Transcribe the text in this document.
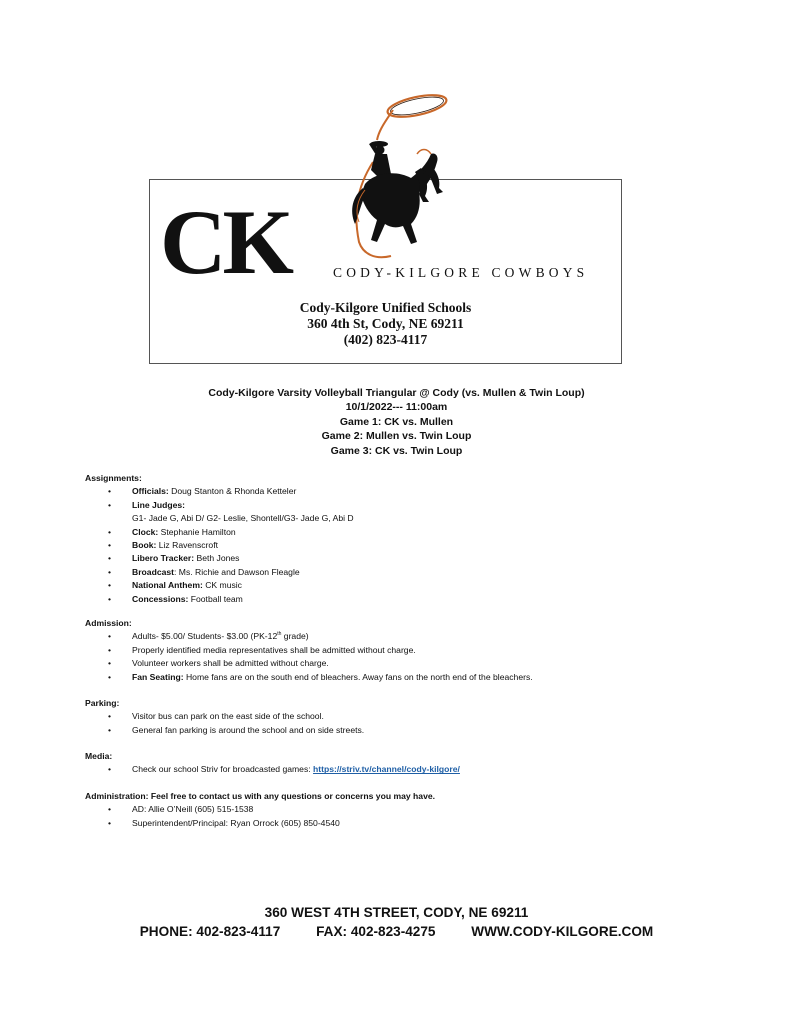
CK	CODY-KILGORE COWBOYS
Cody-Kilgore Unified Schools
360 4th St, Cody, NE 69211
(402) 823-4117
Cody-Kilgore Varsity Volleyball Triangular @ Cody (vs. Mullen & Twin Loup)
10/1/2022--- 11:00am
Game 1: CK vs. Mullen
Game 2: Mullen vs. Twin Loup
Game 3: CK vs. Twin Loup
Assignments:
• Officials: Doug Stanton & Rhonda Ketteler
• Line Judges:
G1- Jade G, Abi D/ G2- Leslie, Shontell/G3- Jade G, Abi D
• Clock: Stephanie Hamilton
• Book: Liz Ravenscroft
• Libero Tracker: Beth Jones
• Broadcast: Ms. Richie and Dawson Fleagle
• National Anthem: CK music
• Concessions: Football team
Admission:
• Adults- $5.00/ Students- $3.00 (PK-12th grade)
• Properly identified media representatives shall be admitted without charge.
• Volunteer workers shall be admitted without charge.
• Fan Seating: Home fans are on the south end of bleachers. Away fans on the north end of the bleachers.
Parking:
• Visitor bus can park on the east side of the school.
• General fan parking is around the school and on side streets.
Media:
• Check our school Striv for broadcasted games: https://striv.tv/channel/cody-kilgore/
Administration: Feel free to contact us with any questions or concerns you may have.
• AD: Allie O’Neill (605) 515-1538
• Superintendent/Principal: Ryan Orrock (605) 850-4540
360 WEST 4TH STREET, CODY, NE 69211
PHONE: 402-823-4117	FAX: 402-823-4275	WWW.CODY-KILGORE.COM
